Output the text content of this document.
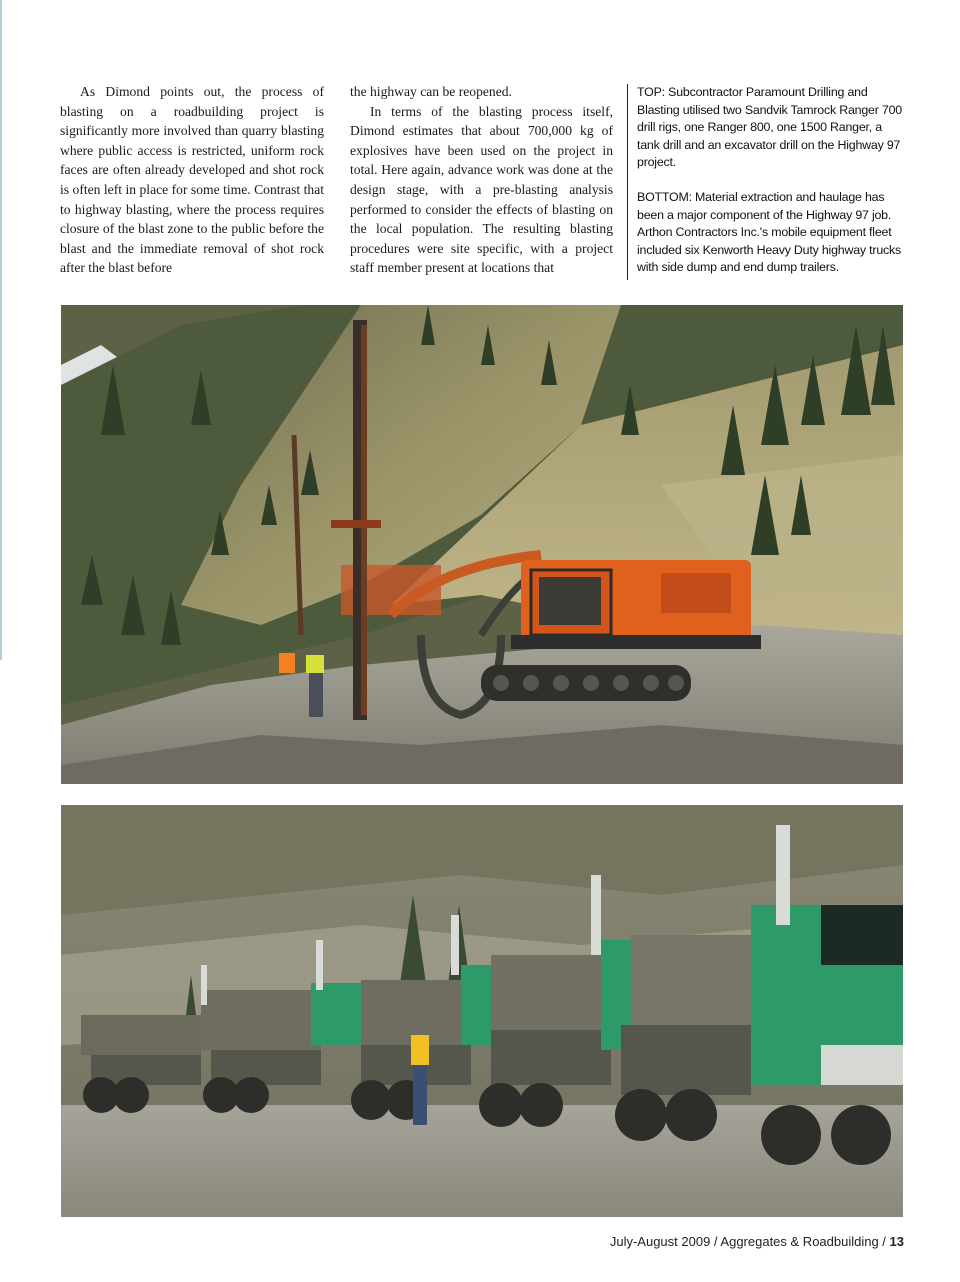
As Dimond points out, the process of blasting on a roadbuilding project is significantly more involved than quarry blasting where public access is restricted, uniform rock faces are often already developed and shot rock is often left in place for some time. Contrast that to highway blasting, where the process requires closure of the blast zone to the public before the blast and the immediate removal of shot rock after the blast before

the highway can be reopened.

In terms of the blasting process itself, Dimond estimates that about 700,000 kg of explosives have been used on the project in total. Here again, advance work was done at the design stage, with a pre-blasting analysis performed to consider the effects of blasting on the local population. The resulting blasting procedures were site specific, with a project staff member present at locations that

TOP: Subcontractor Paramount Drilling and Blasting utilised two Sandvik Tamrock Ranger 700 drill rigs, one Ranger 800, one 1500 Ranger, a tank drill and an excavator drill on the Highway 97 project.

BOTTOM: Material extraction and haulage has been a major component of the Highway 97 job. Arthon Contractors Inc.'s mobile equipment fleet included six Kenworth Heavy Duty highway trucks with side dump and end dump trailers.

July-August 2009 / Aggregates & Roadbuilding / 13
